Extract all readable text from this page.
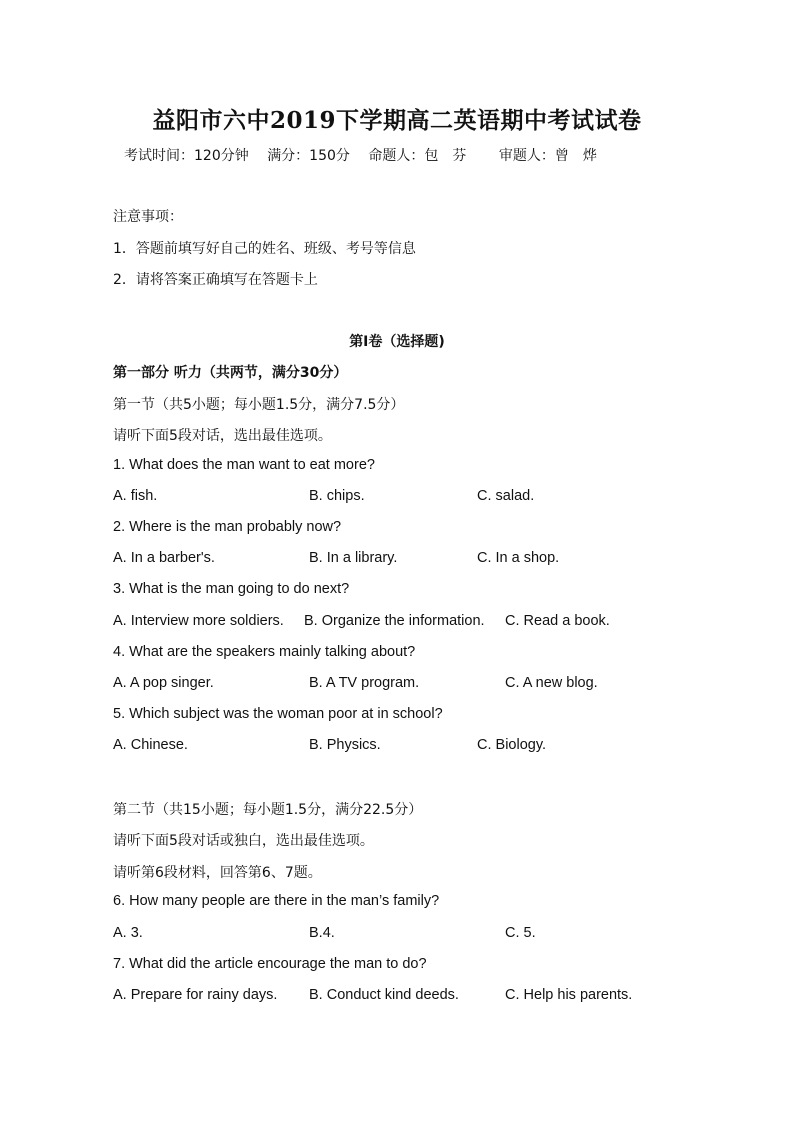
益阳市六中2019下学期高二英语期中考试试卷
考试时间：120分钟　 满分：150分　 命题人：包　芬　　 审题人：曾　烨
注意事项：
1．答题前填写好自己的姓名、班级、考号等信息
2．请将答案正确填写在答题卡上
第I卷（选择题)
第一部分 听力（共两节，满分30分）
第一节（共5小题；每小题1.5分，满分7.5分）
请听下面5段对话，选出最佳选项。
1. What does the man want to eat more?
A. fish.	B. chips.	C. salad.
2. Where is the man probably now?
A. In a barber's.	B. In a library.	C. In a shop.
3. What is the man going to do next?
A. Interview more soldiers. B. Organize the information. C. Read a book.
4. What are the speakers mainly talking about?
A. A pop singer.	B. A TV program.	C. A new blog.
5. Which subject was the woman poor at in school?
A. Chinese.	B. Physics.	C. Biology.
第二节（共15小题；每小题1.5分，满分22.5分）
请听下面5段对话或独白，选出最佳选项。
请听第6段材料，回答第6、7题。
6. How many people are there in the man’s family?
A. 3.	B.4.	C. 5.
7. What did the article encourage the man to do?
A. Prepare for rainy days. B. Conduct kind deeds.	C. Help his parents.
